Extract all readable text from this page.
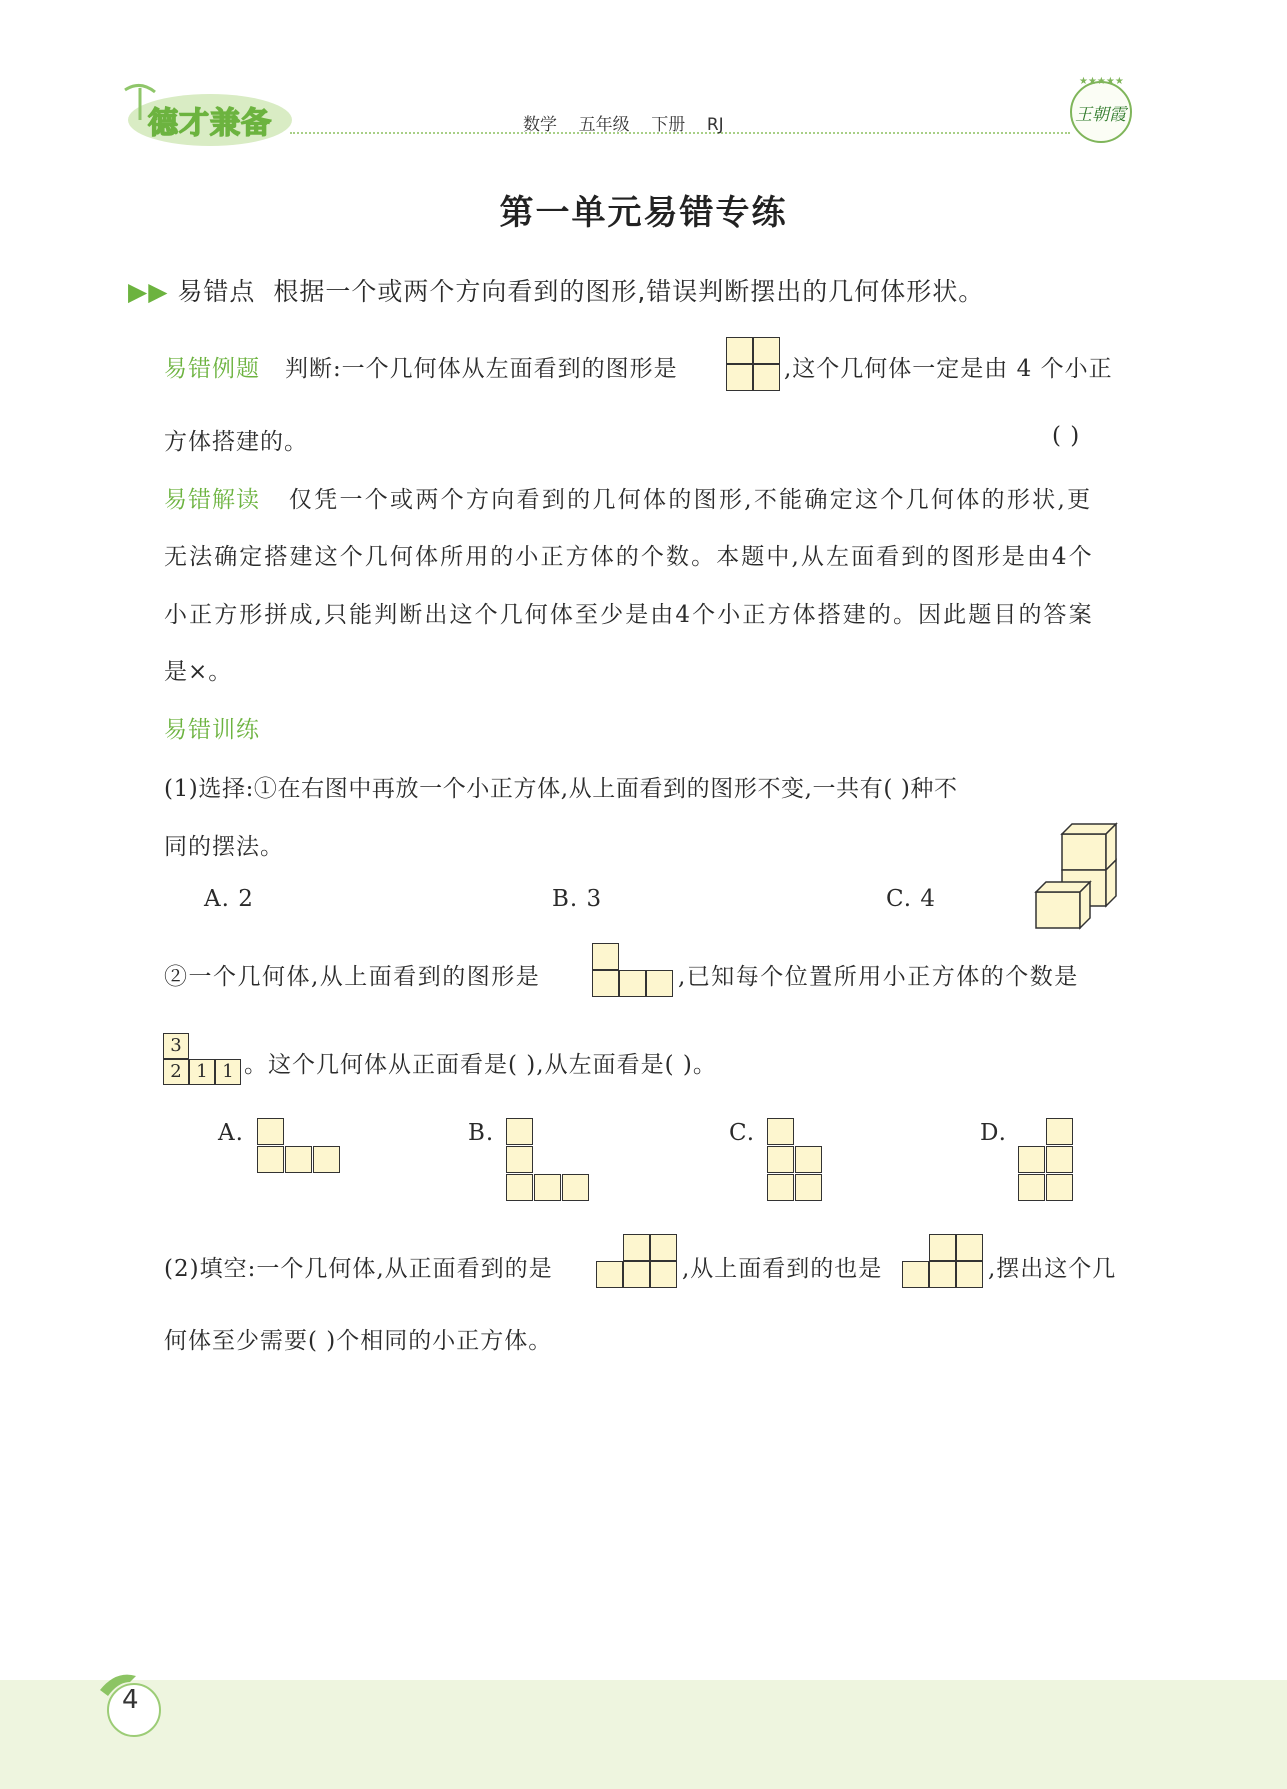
德才兼备	数学 五年级 下册 RJ
★★★★★
王朝霞
第一单元易错专练
▶▶ 易错点 根据一个或两个方向看到的图形,错误判断摆出的几何体形状。
易错例题 判断:一个几何体从左面看到的图形是	,这个几何体一定是由 4 个小正
方体搭建的。	( )
易错解读 仅凭一个或两个方向看到的几何体的图形,不能确定这个几何体的形状,更
无法确定搭建这个几何体所用的小正方体的个数。本题中,从左面看到的图形是由4个
小正方形拼成,只能判断出这个几何体至少是由4个小正方体搭建的。因此题目的答案
是×。
易错训练
(1)选择:①在右图中再放一个小正方体,从上面看到的图形不变,一共有( )种不
同的摆法。
A. 2	B. 3	C. 4
②一个几何体,从上面看到的图形是	,已知每个位置所用小正方体的个数是
3
2 1 1 。这个几何体从正面看是( ),从左面看是( )。
A.	B.	C.	D.
(2)填空:一个几何体,从正面看到的是	,从上面看到的也是	,摆出这个几
何体至少需要( )个相同的小正方体。
4
